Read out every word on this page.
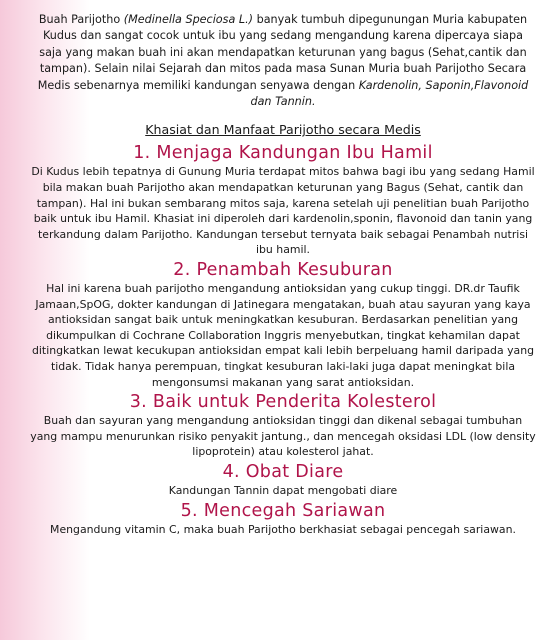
Buah Parijotho (Medinella Speciosa L.) banyak tumbuh dipegunungan Muria kabupaten Kudus dan sangat cocok untuk ibu yang sedang mengandung karena dipercaya siapa saja yang makan buah ini akan mendapatkan keturunan yang bagus (Sehat,cantik dan tampan). Selain nilai Sejarah dan mitos pada masa Sunan Muria buah Parijotho Secara Medis sebenarnya memiliki kandungan senyawa dengan Kardenolin, Saponin,Flavonoid dan Tannin.

Khasiat dan Manfaat Parijotho secara Medis
1. Menjaga Kandungan Ibu Hamil

Di Kudus lebih tepatnya di Gunung Muria terdapat mitos bahwa bagi ibu yang sedang Hamil bila makan buah Parijotho akan mendapatkan keturunan yang Bagus (Sehat, cantik dan tampan). Hal ini bukan sembarang mitos saja, karena setelah uji penelitian buah Parijotho baik untuk ibu Hamil. Khasiat ini diperoleh dari kardenolin,sponin, flavonoid dan tanin yang terkandung dalam Parijotho. Kandungan tersebut ternyata baik sebagai Penambah nutrisi ibu hamil.

2. Penambah Kesuburan

Hal ini karena buah parijotho mengandung antioksidan yang cukup tinggi. DR.dr Taufik Jamaan,SpOG, dokter kandungan di Jatinegara mengatakan, buah atau sayuran yang kaya antioksidan sangat baik untuk meningkatkan kesuburan. Berdasarkan penelitian yang dikumpulkan di Cochrane Collaboration Inggris menyebutkan, tingkat kehamilan dapat ditingkatkan lewat kecukupan antioksidan empat kali lebih berpeluang hamil daripada yang tidak. Tidak hanya perempuan, tingkat kesuburan laki-laki juga dapat meningkat bila mengonsumsi makanan yang sarat antioksidan.

3. Baik untuk Penderita Kolesterol

Buah dan sayuran yang mengandung antioksidan tinggi dan dikenal sebagai tumbuhan yang mampu menurunkan risiko penyakit jantung., dan mencegah oksidasi LDL (low density lipoprotein) atau kolesterol jahat.

4. Obat Diare

Kandungan Tannin dapat mengobati diare

5. Mencegah Sariawan

Mengandung vitamin C, maka buah Parijotho berkhasiat sebagai pencegah sariawan.
